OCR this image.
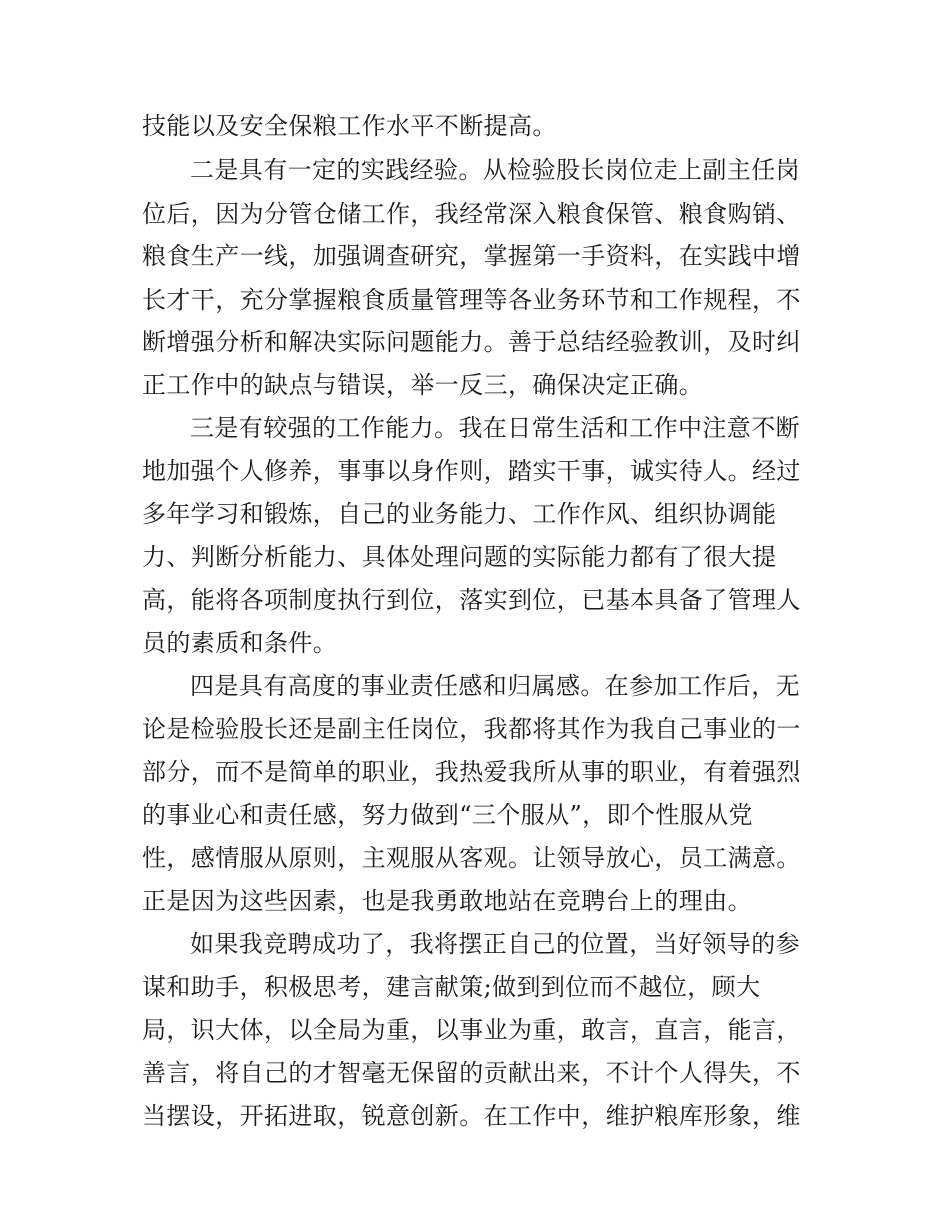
技能以及安全保粮工作水平不断提高。
二是具有一定的实践经验。从检验股长岗位走上副主任岗
位后，因为分管仓储工作，我经常深入粮食保管、粮食购销、
粮食生产一线，加强调查研究，掌握第一手资料，在实践中增
长才干，充分掌握粮食质量管理等各业务环节和工作规程，不
断增强分析和解决实际问题能力。善于总结经验教训，及时纠
正工作中的缺点与错误，举一反三，确保决定正确。
三是有较强的工作能力。我在日常生活和工作中注意不断
地加强个人修养，事事以身作则，踏实干事，诚实待人。经过
多年学习和锻炼，自己的业务能力、工作作风、组织协调能
力、判断分析能力、具体处理问题的实际能力都有了很大提
高，能将各项制度执行到位，落实到位，已基本具备了管理人
员的素质和条件。
四是具有高度的事业责任感和归属感。在参加工作后，无
论是检验股长还是副主任岗位，我都将其作为我自己事业的一
部分，而不是简单的职业，我热爱我所从事的职业，有着强烈
的事业心和责任感，努力做到“三个服从”，即个性服从党
性，感情服从原则，主观服从客观。让领导放心，员工满意。
正是因为这些因素，也是我勇敢地站在竞聘台上的理由。
如果我竞聘成功了，我将摆正自己的位置，当好领导的参
谋和助手，积极思考，建言献策;做到到位而不越位，顾大
局，识大体，以全局为重，以事业为重，敢言，直言，能言，
善言，将自己的才智毫无保留的贡献出来，不计个人得失，不
当摆设，开拓进取，锐意创新。在工作中，维护粮库形象，维
